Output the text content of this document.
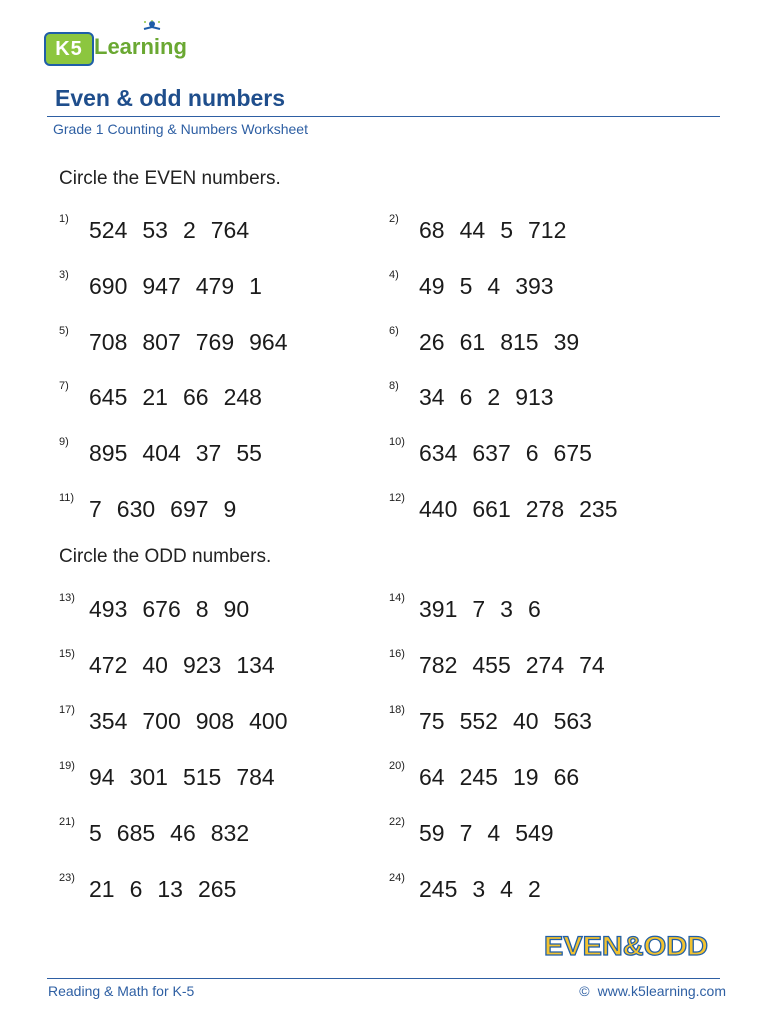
K5 Learning
Even & odd numbers
Grade 1 Counting & Numbers Worksheet
Circle the EVEN numbers.
Circle the ODD numbers.
1) 524 53 2 764	2) 68 44 5 712
3) 690 947 479 1	4) 49 5 4 393
5) 708 807 769 964	6) 26 61 815 39
7) 645 21 66 248	8) 34 6 2 913
9) 895 404 37 55	10) 634 637 6 675
11) 7 630 697 9	12) 440 661 278 235
13) 493 676 8 90	14) 391 7 3 6
15) 472 40 923 134	16) 782 455 274 74
17) 354 700 908 400	18) 75 552 40 563
19) 94 301 515 784	20) 64 245 19 66
21) 5 685 46 832	22) 59 7 4 549
23) 21 6 13 265	24) 245 3 4 2
EVEN&ODD
Reading & Math for K-5	© www.k5learning.com
